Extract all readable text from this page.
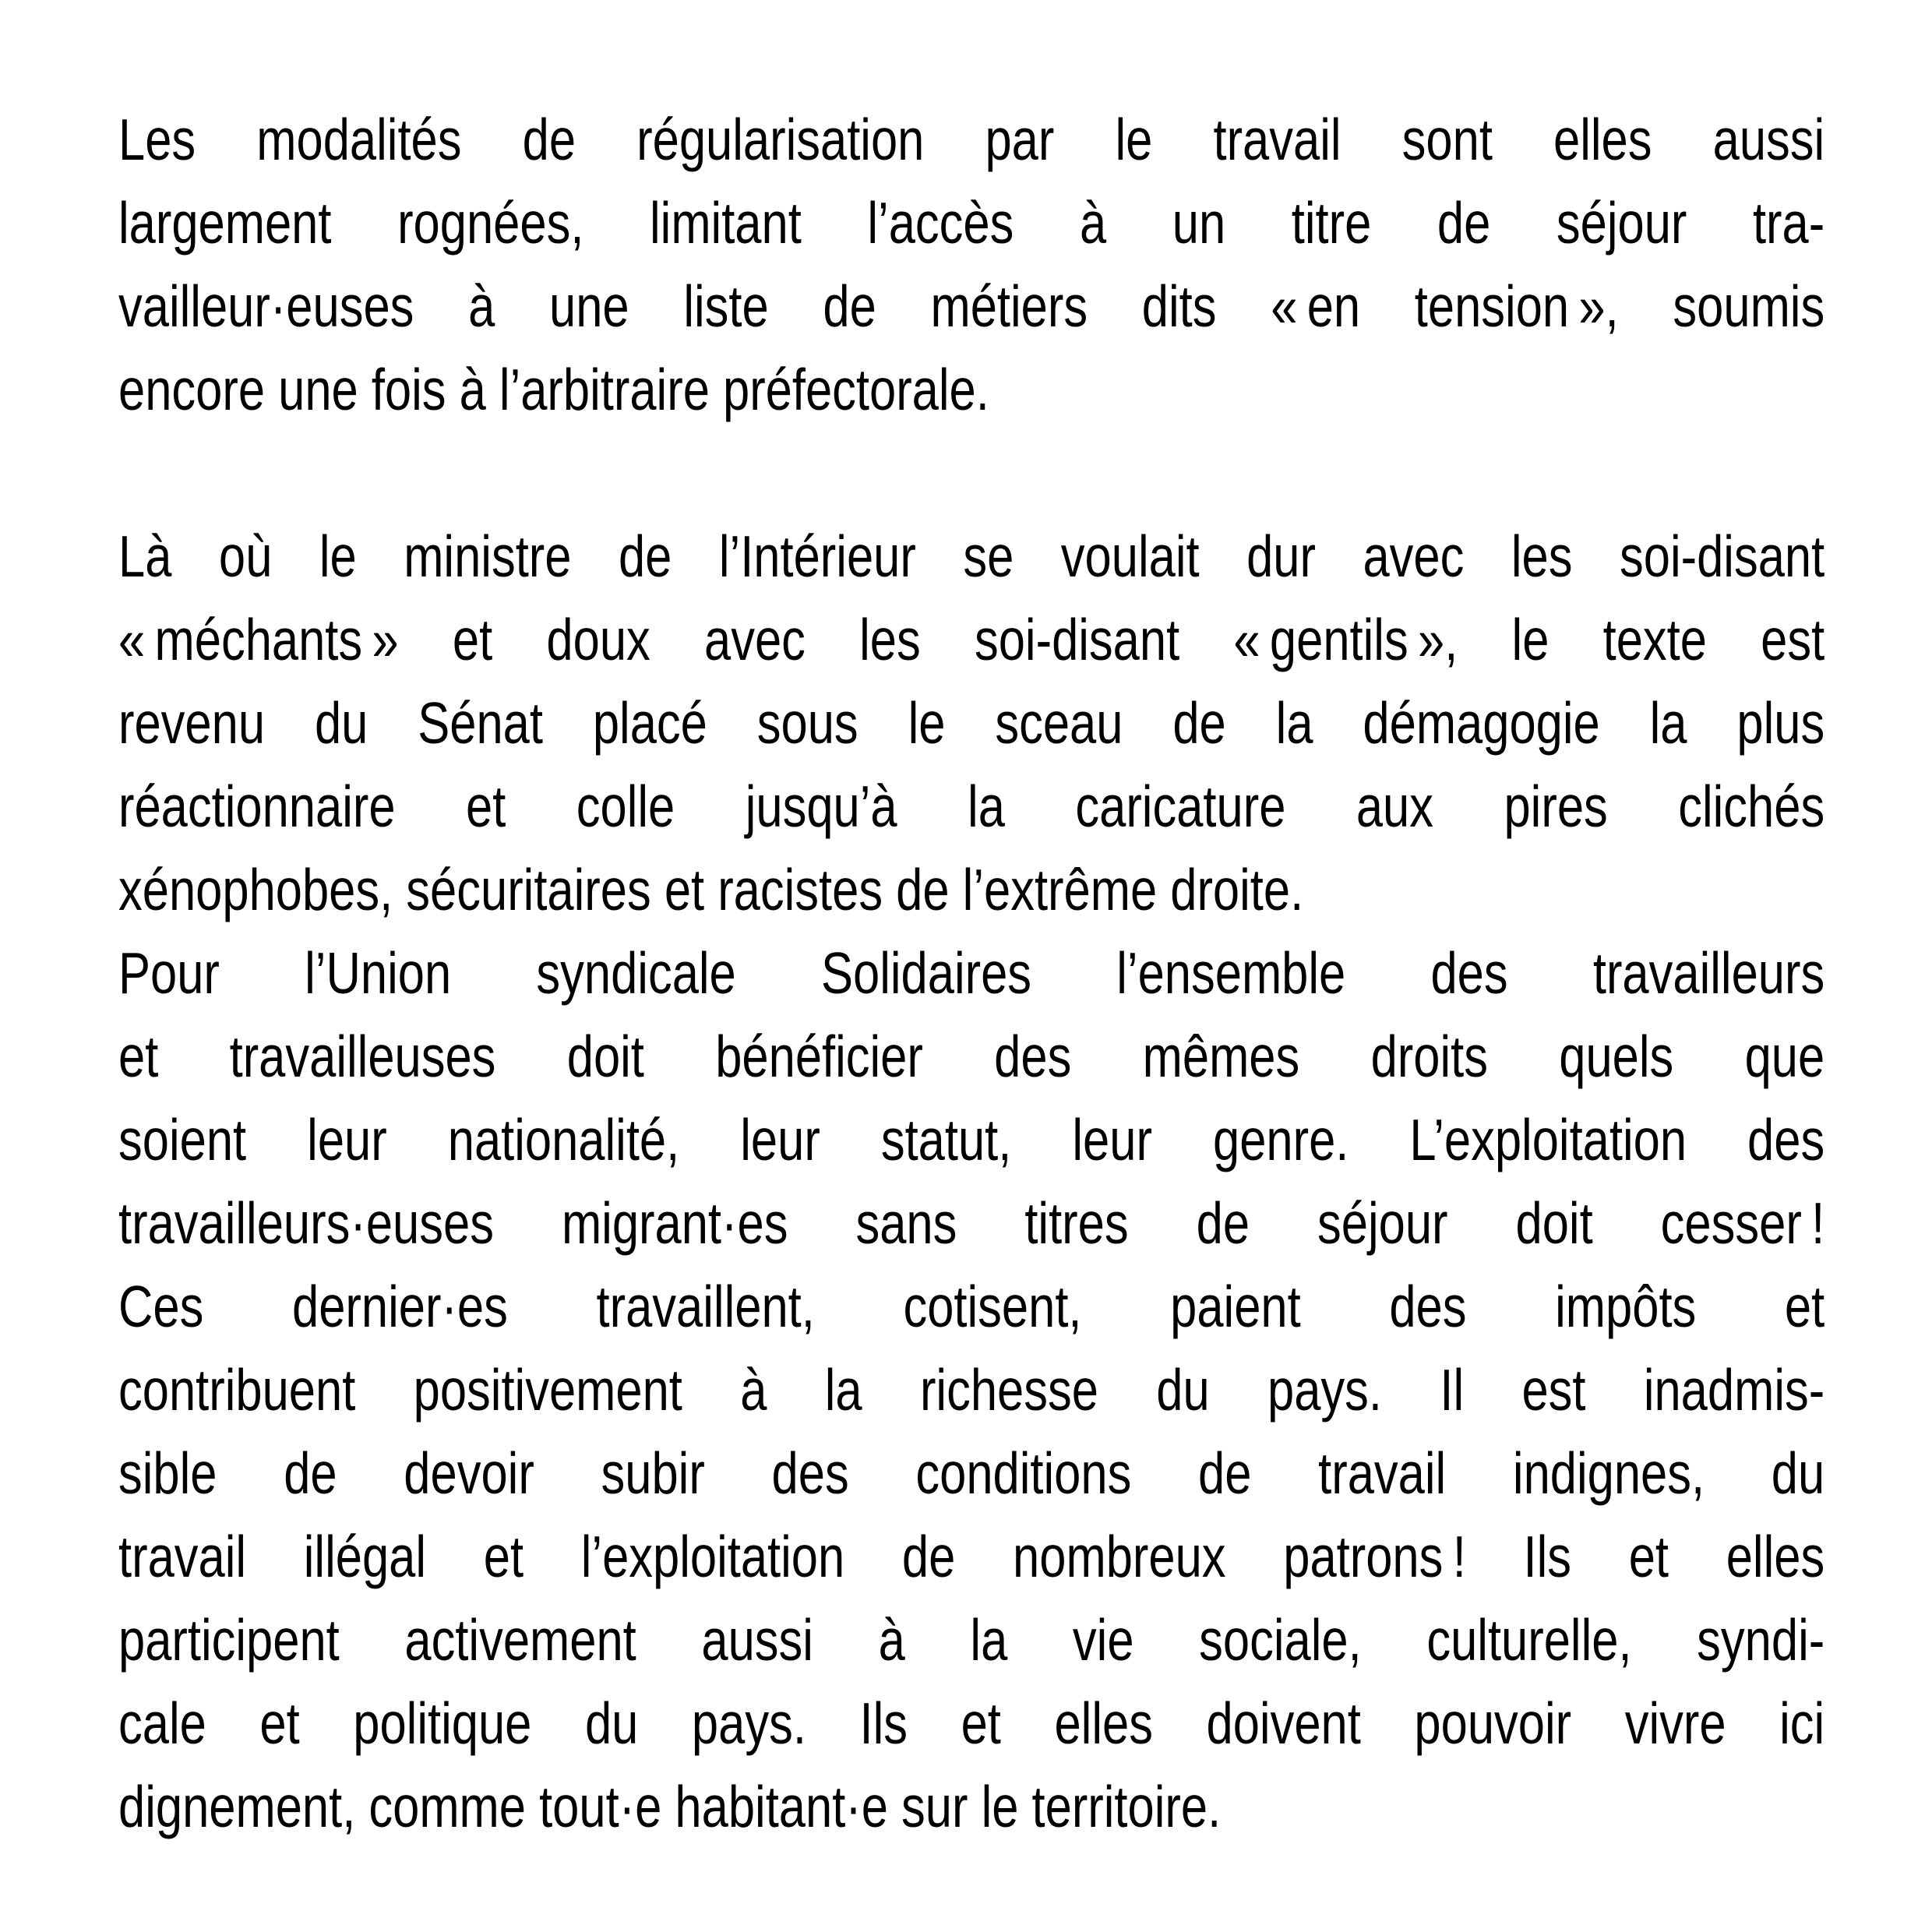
Les modalités de régularisation par le travail sont elles aussi
largement rognées, limitant l’accès à un titre de séjour tra-
vailleur·euses à une liste de métiers dits « en tension », soumis
encore une fois à l’arbitraire préfectorale.
Là où le ministre de l’Intérieur se voulait dur avec les soi-disant
« méchants » et doux avec les soi-disant « gentils », le texte est
revenu du Sénat placé sous le sceau de la démagogie la plus
réactionnaire et colle jusqu’à la caricature aux pires clichés
xénophobes, sécuritaires et racistes de l’extrême droite.
Pour l’Union syndicale Solidaires l’ensemble des travailleurs
et travailleuses doit bénéficier des mêmes droits quels que
soient leur nationalité, leur statut, leur genre. L’exploitation des
travailleurs·euses migrant·es sans titres de séjour doit cesser !
Ces dernier·es travaillent, cotisent, paient des impôts et
contribuent positivement à la richesse du pays. Il est inadmis-
sible de devoir subir des conditions de travail indignes, du
travail illégal et l’exploitation de nombreux patrons ! Ils et elles
participent activement aussi à la vie sociale, culturelle, syndi-
cale et politique du pays. Ils et elles doivent pouvoir vivre ici
dignement, comme tout·e habitant·e sur le territoire.
